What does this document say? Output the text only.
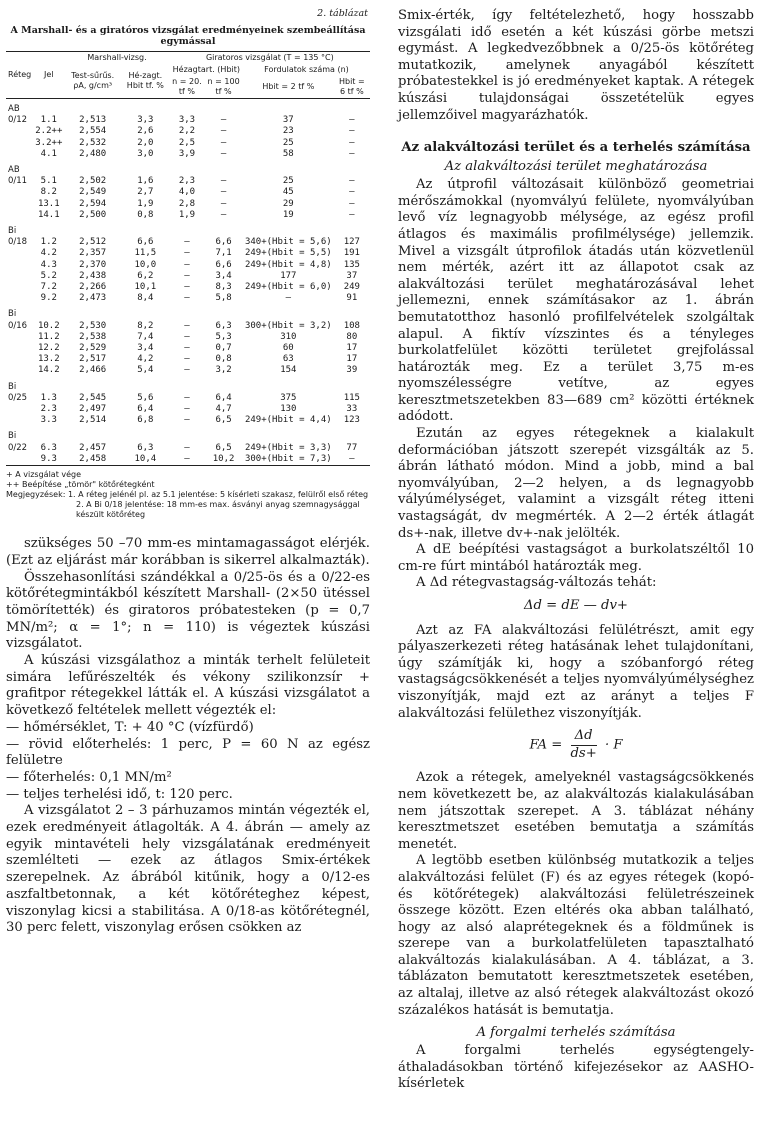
2. táblázat
A Marshall- és a giratóros vizsgálat eredményeinek szembeállítása egymással
Réteg	Jel	Marshall-vizsg.		Giratoros vizsgálat (T = 135 °C)			
		Test-sűrűs. ρA, g/cm³	Hé-zagt. Hbit tf. %	Hézagtart. (Hbit)		Fordulatok száma (n)	
				n = 20. tf %	n = 100 tf %	Hbit = 2 tf %	Hbit = 6 tf %
AB							
0/12	1.1	2,513	3,3	3,3	—	37	—
	2.2++	2,554	2,6	2,2	—	23	—
	3.2++	2,532	2,0	2,5	—	25	—
	4.1	2,480	3,0	3,9	—	58	—
AB							
0/11	5.1	2,502	1,6	2,3	—	25	—
	8.2	2,549	2,7	4,0	—	45	—
	13.1	2,594	1,9	2,8	—	29	—
	14.1	2,500	0,8	1,9	—	19	—
Bi							
0/18	1.2	2,512	6,6	—	6,6	340+(Hbit = 5,6)	127
	4.2	2,357	11,5	—	7,1	249+(Hbit = 5,5)	191
	4.3	2,370	10,0	—	6,6	249+(Hbit = 4,8)	135
	5.2	2,438	6,2	—	3,4	177	37
	7.2	2,266	10,1	—	8,3	249+(Hbit = 6,0)	249
	9.2	2,473	8,4	—	5,8	—	91
Bi							
0/16	10.2	2,530	8,2	—	6,3	300+(Hbit = 3,2)	108
	11.2	2,538	7,4	—	5,3	310	80
	12.2	2,529	3,4	—	0,7	60	17
	13.2	2,517	4,2	—	0,8	63	17
	14.2	2,466	5,4	—	3,2	154	39
Bi							
0/25	1.3	2,545	5,6	—	6,4	375	115
	2.3	2,497	6,4	—	4,7	130	33
	3.3	2,514	6,8	—	6,5	249+(Hbit = 4,4)	123
Bi							
0/22	6.3	2,457	6,3	—	6,5	249+(Hbit = 3,3)	77
	9.3	2,458	10,4	—	10,2	300+(Hbit = 7,3)	—
+ A vizsgálat vége
++ Beépítése „tömör" kötőrétegként
Megjegyzések: 1. A réteg jelénél pl. az 5.1 jelentése: 5 kísérleti szakasz, felülről első réteg
2. A Bi 0/18 jelentése: 18 mm-es max. ásványi anyag szemnagysággal készült kötőréteg

szükséges 50 –70 mm-es mintamagasságot elérjék. (Ezt az eljárást már korábban is sikerrel alkalmazták).

Összehasonlítási szándékkal a 0/25-ös és a 0/22-es kötőrétegmintákból készített Marshall- (2×50 ütéssel tömörítették) és giratoros próbatesteken (p = 0,7 MN/m²; α = 1°; n = 110) is végeztek kúszási vizsgálatot.

A kúszási vizsgálathoz a minták terhelt felületeit simára lefűrészelték és vékony szilikonzsír + grafitpor rétegekkel látták el. A kúszási vizsgálatot a következő feltételek mellett végezték el:

— hőmérséklet, T: + 40 °C (vízfürdő)

— rövid előterhelés: 1 perc, P = 60 N az egész felületre

— főterhelés: 0,1 MN/m²

— teljes terhelési idő, t: 120 perc.

A vizsgálatot 2 – 3 párhuzamos mintán végezték el, ezek eredményeit átlagolták. A 4. ábrán — amely az egyik mintavételi hely vizsgálatának eredményeit szemlélteti — ezek az átlagos Smix-értékek szerepelnek. Az ábrából kitűnik, hogy a 0/12-es aszfaltbetonnak, a két kötőréteghez képest, viszonylag kicsi a stabilitása. A 0/18-as kötőrétegnél, 30 perc felett, viszonylag erősen csökken az

Smix-érték, így feltételezhető, hogy hosszabb vizsgálati idő esetén a két kúszási görbe metszi egymást. A legkedvezőbbnek a 0/25-ös kötőréteg mutatkozik, amelynek anyagából készített próbatestekkel is jó eredményeket kaptak. A rétegek kúszási tulajdonságai összetételük egyes jellemzőivel magyarázhatók.

Az alakváltozási terület és a terhelés számítása
Az alakváltozási terület meghatározása

Az útprofil változásait különböző geometriai mérőszámokkal (nyomvályú felülete, nyomvályúban levő víz legnagyobb mélysége, az egész profil átlagos és maximális profilmélysége) jellemzik. Mivel a vizsgált útprofilok átadás után közvetlenül nem mérték, azért itt az állapotot csak az alakváltozási terület meghatározásával lehet jellemezni, ennek számításakor az 1. ábrán bemutatotthoz hasonló profilfelvételek szolgáltak alapul. A fiktív vízszintes és a tényleges burkolatfelület közötti területet grejfolással határozták meg. Ez a terület 3,75 m-es nyomszélességre vetítve, az egyes keresztmetszetekben 83—689 cm² közötti értéknek adódott.

Ezután az egyes rétegeknek a kialakult deformációban játszott szerepét vizsgálták az 5. ábrán látható módon. Mind a jobb, mind a bal nyomvályúban, 2—2 helyen, a ds legnagyobb vályúmélységet, valamint a vizsgált réteg itteni vastagságát, dv megmérték. A 2—2 érték átlagát ds+-nak, illetve dv+-nak jelölték.

A dE beépítési vastagságot a burkolatszéltől 10 cm-re fúrt mintából határozták meg.

A Δd rétegvastagság-változás tehát:

Δd = dE — dv+

Azt az FA alakváltozási felülétrészt, amit egy pályaszerkezeti réteg hatásának lehet tulajdonítani, úgy számítják ki, hogy a szóbanforgó réteg vastagságcsökkenését a teljes nyomvályúmélységhez viszonyítják, majd ezt az arányt a teljes F alakváltozási felülethez viszonyítják.

FA = $\frac{\Delta d}{ds+} \cdot F$

Azok a rétegek, amelyeknél vastagságcsökkenés nem következett be, az alakváltozás kialakulásában nem játszottak szerepet. A 3. táblázat néhány keresztmetszet esetében bemutatja a számítás menetét.

A legtöbb esetben különbség mutatkozik a teljes alakváltozási felület (F) és az egyes rétegek (kopó- és kötőrétegek) alakváltozási felületrészeinek összege között. Ezen eltérés oka abban található, hogy az alsó alaprétegeknek és a földműnek is szerepe van a burkolatfelületen tapasztalható alakváltozás kialakulásában. A 4. táblázat, a 3. táblázaton bemutatott keresztmetszetek esetében, az altalaj, illetve az alsó rétegek alakváltozást okozó százalékos hatását is bemutatja.

A forgalmi terhelés számítása

A forgalmi terhelés egységtengely-áthaladásokban történő kifejezésekor az AASHO-kísérletek
